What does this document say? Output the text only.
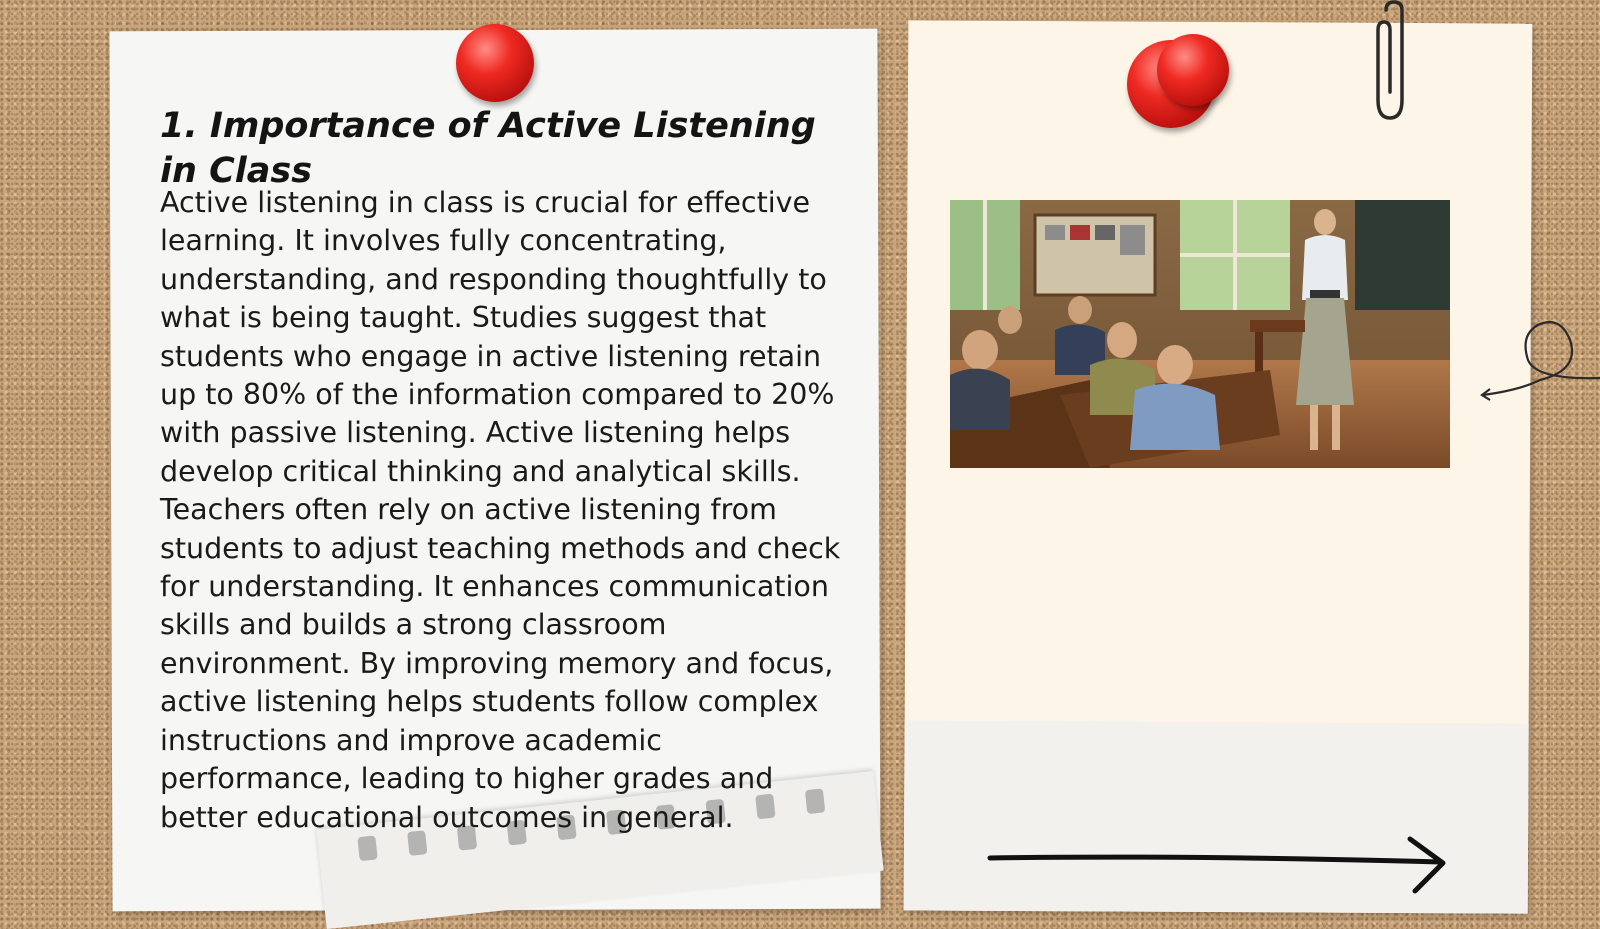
1. Importance of Active Listening in Class

Active listening in class is crucial for effective learning. It involves fully concentrating, understanding, and responding thoughtfully to what is being taught. Studies suggest that students who engage in active listening retain up to 80% of the information compared to 20% with passive listening. Active listening helps develop critical thinking and analytical skills. Teachers often rely on active listening from students to adjust teaching methods and check for understanding. It enhances communication skills and builds a strong classroom environment. By improving memory and focus, active listening helps students follow complex instructions and improve academic performance, leading to higher grades and better educational outcomes in general.
